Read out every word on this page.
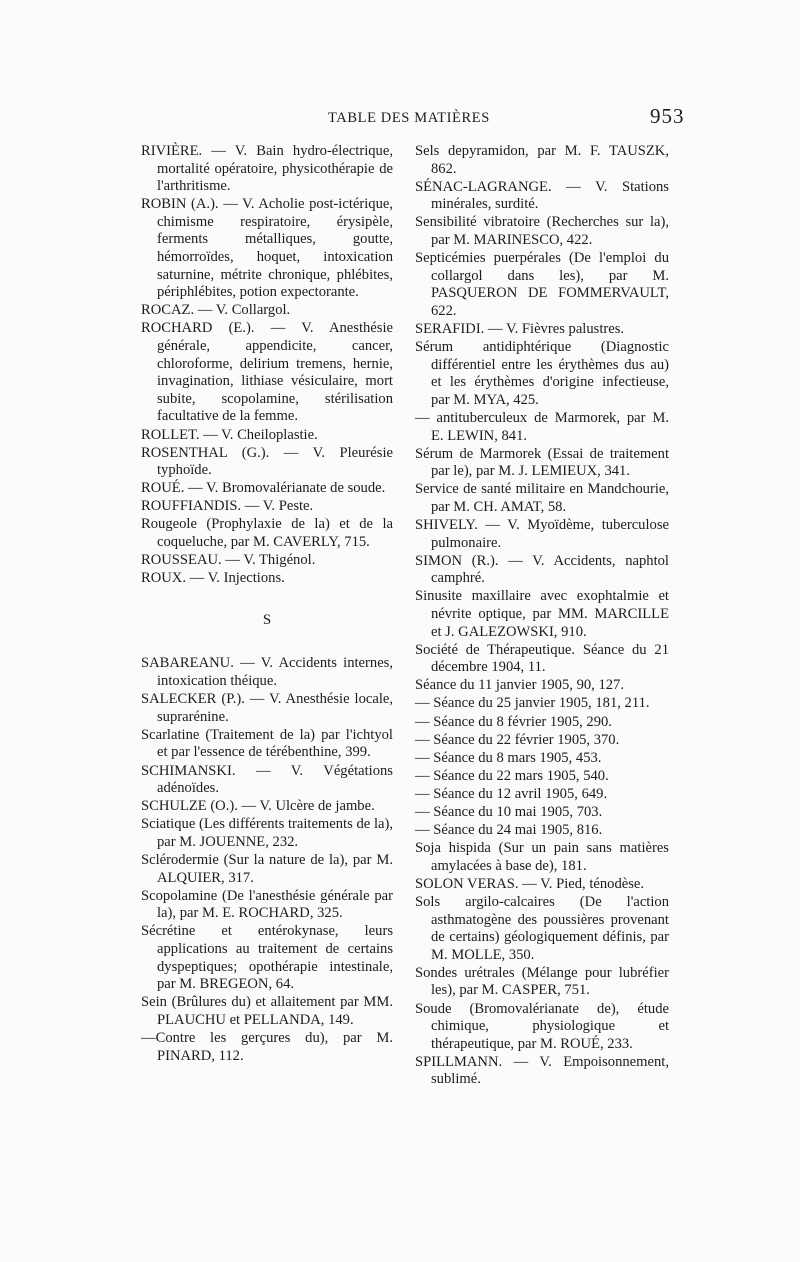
TABLE DES MATIÈRES	953

RIVIÈRE. — V. Bain hydro-électrique, mortalité opératoire, physicothérapie de l'arthritisme.

ROBIN (A.). — V. Acholie post-ictérique, chimisme respiratoire, érysipèle, ferments métalliques, goutte, hémorroïdes, hoquet, intoxication saturnine, métrite chronique, phlébites, périphlébites, potion expectorante.

ROCAZ. — V. Collargol.

ROCHARD (E.). — V. Anesthésie générale, appendicite, cancer, chloroforme, delirium tremens, hernie, invagination, lithiase vésiculaire, mort subite, scopolamine, stérilisation facultative de la femme.

ROLLET. — V. Cheiloplastie.

ROSENTHAL (G.). — V. Pleurésie typhoïde.

ROUÉ. — V. Bromovalérianate de soude.

ROUFFIANDIS. — V. Peste.

Rougeole (Prophylaxie de la) et de la coqueluche, par M. CAVERLY, 715.

ROUSSEAU. — V. Thigénol.

ROUX. — V. Injections.

S

SABAREANU. — V. Accidents internes, intoxication théique.

SALECKER (P.). — V. Anesthésie locale, suprarénine.

Scarlatine (Traitement de la) par l'ichtyol et par l'essence de térébenthine, 399.

SCHIMANSKI. — V. Végétations adénoïdes.

SCHULZE (O.). — V. Ulcère de jambe.

Sciatique (Les différents traitements de la), par M. JOUENNE, 232.

Sclérodermie (Sur la nature de la), par M. ALQUIER, 317.

Scopolamine (De l'anesthésie générale par la), par M. E. ROCHARD, 325.

Sécrétine et entérokynase, leurs applications au traitement de certains dyspeptiques; opothérapie intestinale, par M. BREGEON, 64.

Sein (Brûlures du) et allaitement par MM. PLAUCHU et PELLANDA, 149.

—Contre les gerçures du), par M. PINARD, 112.

Sels depyramidon, par M. F. TAUSZK, 862.

SÉNAC-LAGRANGE. — V. Stations minérales, surdité.

Sensibilité vibratoire (Recherches sur la), par M. MARINESCO, 422.

Septicémies puerpérales (De l'emploi du collargol dans les), par M. PASQUERON DE FOMMERVAULT, 622.

SERAFIDI. — V. Fièvres palustres.

Sérum antidiphtérique (Diagnostic différentiel entre les érythèmes dus au) et les érythèmes d'origine infectieuse, par M. MYA, 425.

— antituberculeux de Marmorek, par M. E. LEWIN, 841.

Sérum de Marmorek (Essai de traitement par le), par M. J. LEMIEUX, 341.

Service de santé militaire en Mandchourie, par M. CH. AMAT, 58.

SHIVELY. — V. Myoïdème, tuberculose pulmonaire.

SIMON (R.). — V. Accidents, naphtol camphré.

Sinusite maxillaire avec exophtalmie et névrite optique, par MM. MARCILLE et J. GALEZOWSKI, 910.

Société de Thérapeutique. Séance du 21 décembre 1904, 11.

Séance du 11 janvier 1905, 90, 127.

— Séance du 25 janvier 1905, 181, 211.

— Séance du 8 février 1905, 290.

— Séance du 22 février 1905, 370.

— Séance du 8 mars 1905, 453.

— Séance du 22 mars 1905, 540.

— Séance du 12 avril 1905, 649.

— Séance du 10 mai 1905, 703.

— Séance du 24 mai 1905, 816.

Soja hispida (Sur un pain sans matières amylacées à base de), 181.

SOLON VERAS. — V. Pied, ténodèse.

Sols argilo-calcaires (De l'action asthmatogène des poussières provenant de certains) géologiquement définis, par M. MOLLE, 350.

Sondes urétrales (Mélange pour lubréfier les), par M. CASPER, 751.

Soude (Bromovalérianate de), étude chimique, physiologique et thérapeutique, par M. ROUÉ, 233.

SPILLMANN. — V. Empoisonnement, sublimé.
